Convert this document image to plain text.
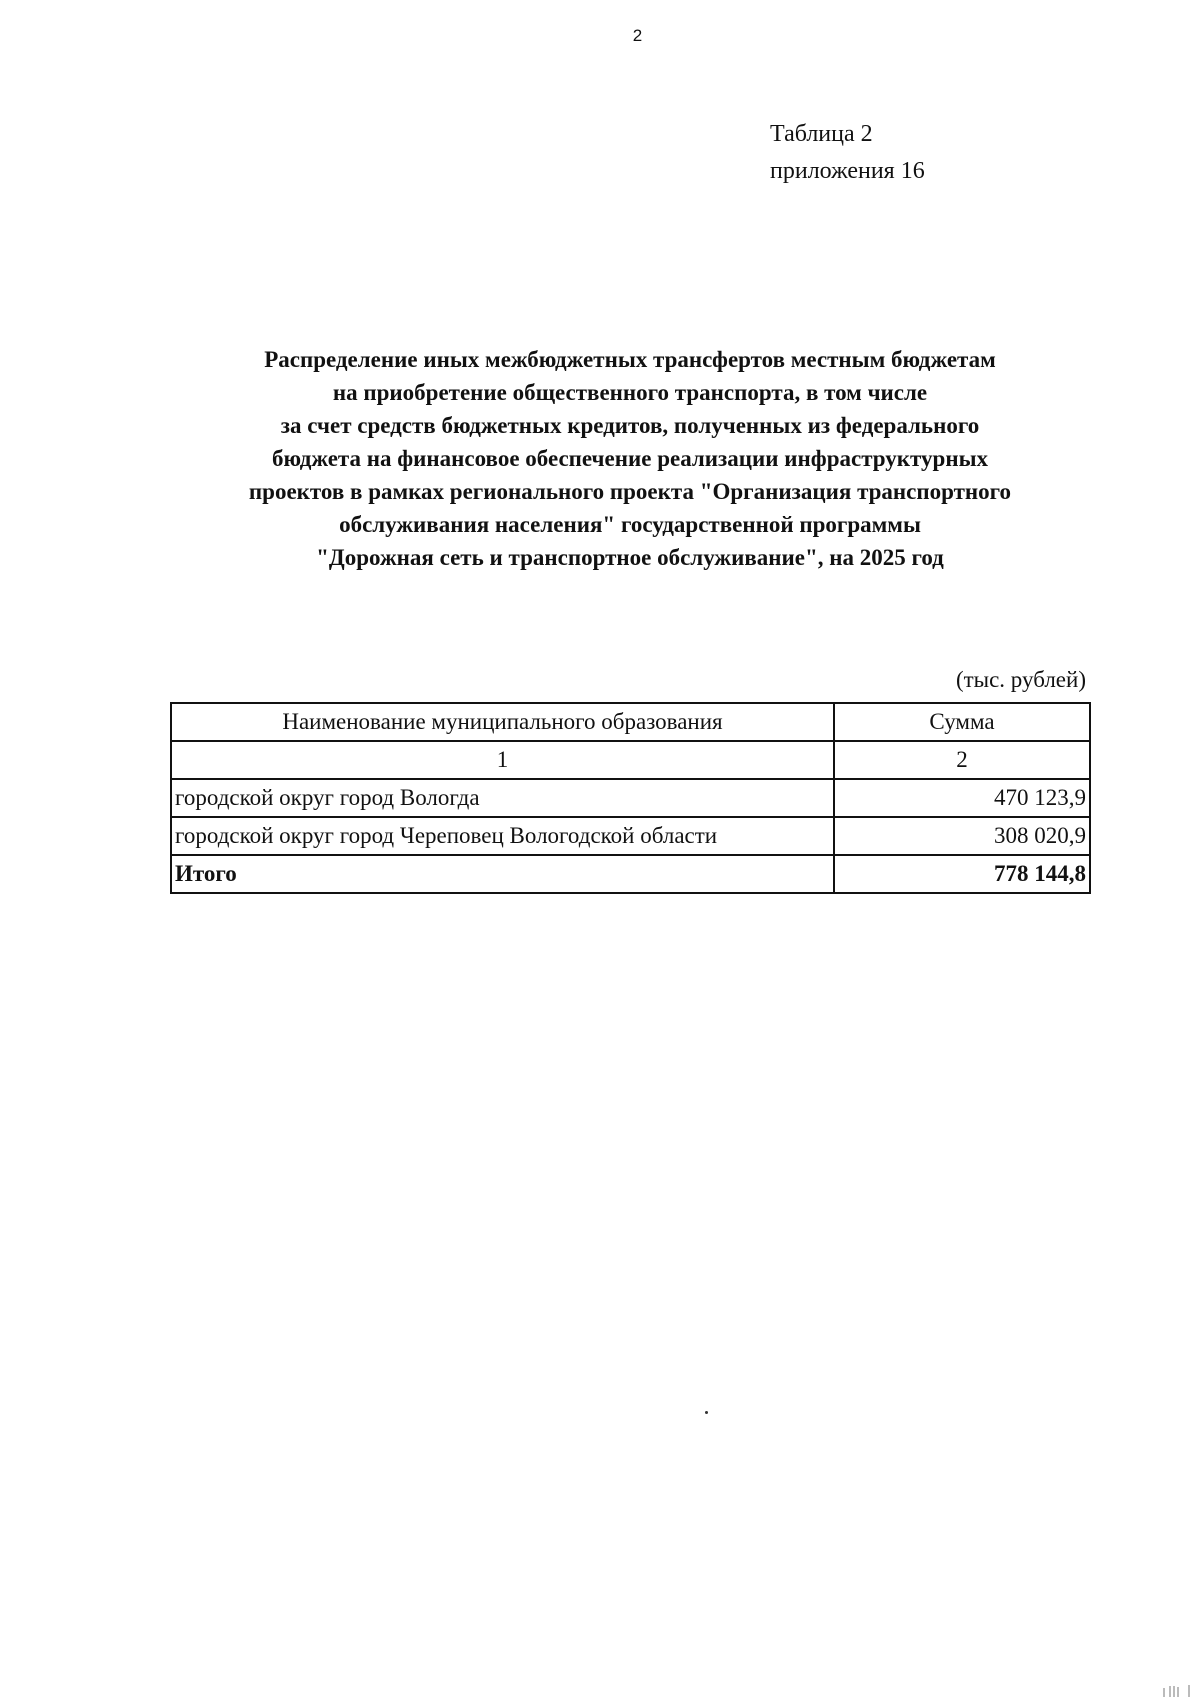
2
Таблица 2
приложения 16
Распределение иных межбюджетных трансфертов местным бюджетам
на приобретение общественного транспорта, в том числе
за счет средств бюджетных кредитов, полученных из федерального
бюджета на финансовое обеспечение реализации инфраструктурных
проектов в рамках регионального проекта "Организация транспортного
обслуживания населения" государственной программы
"Дорожная сеть и транспортное обслуживание", на 2025 год
(тыс. рублей)
Наименование муниципального образования	Сумма
1	2
городской округ город Вологда	470 123,9
городской округ город Череповец Вологодской области	308 020,9
Итого	778 144,8
